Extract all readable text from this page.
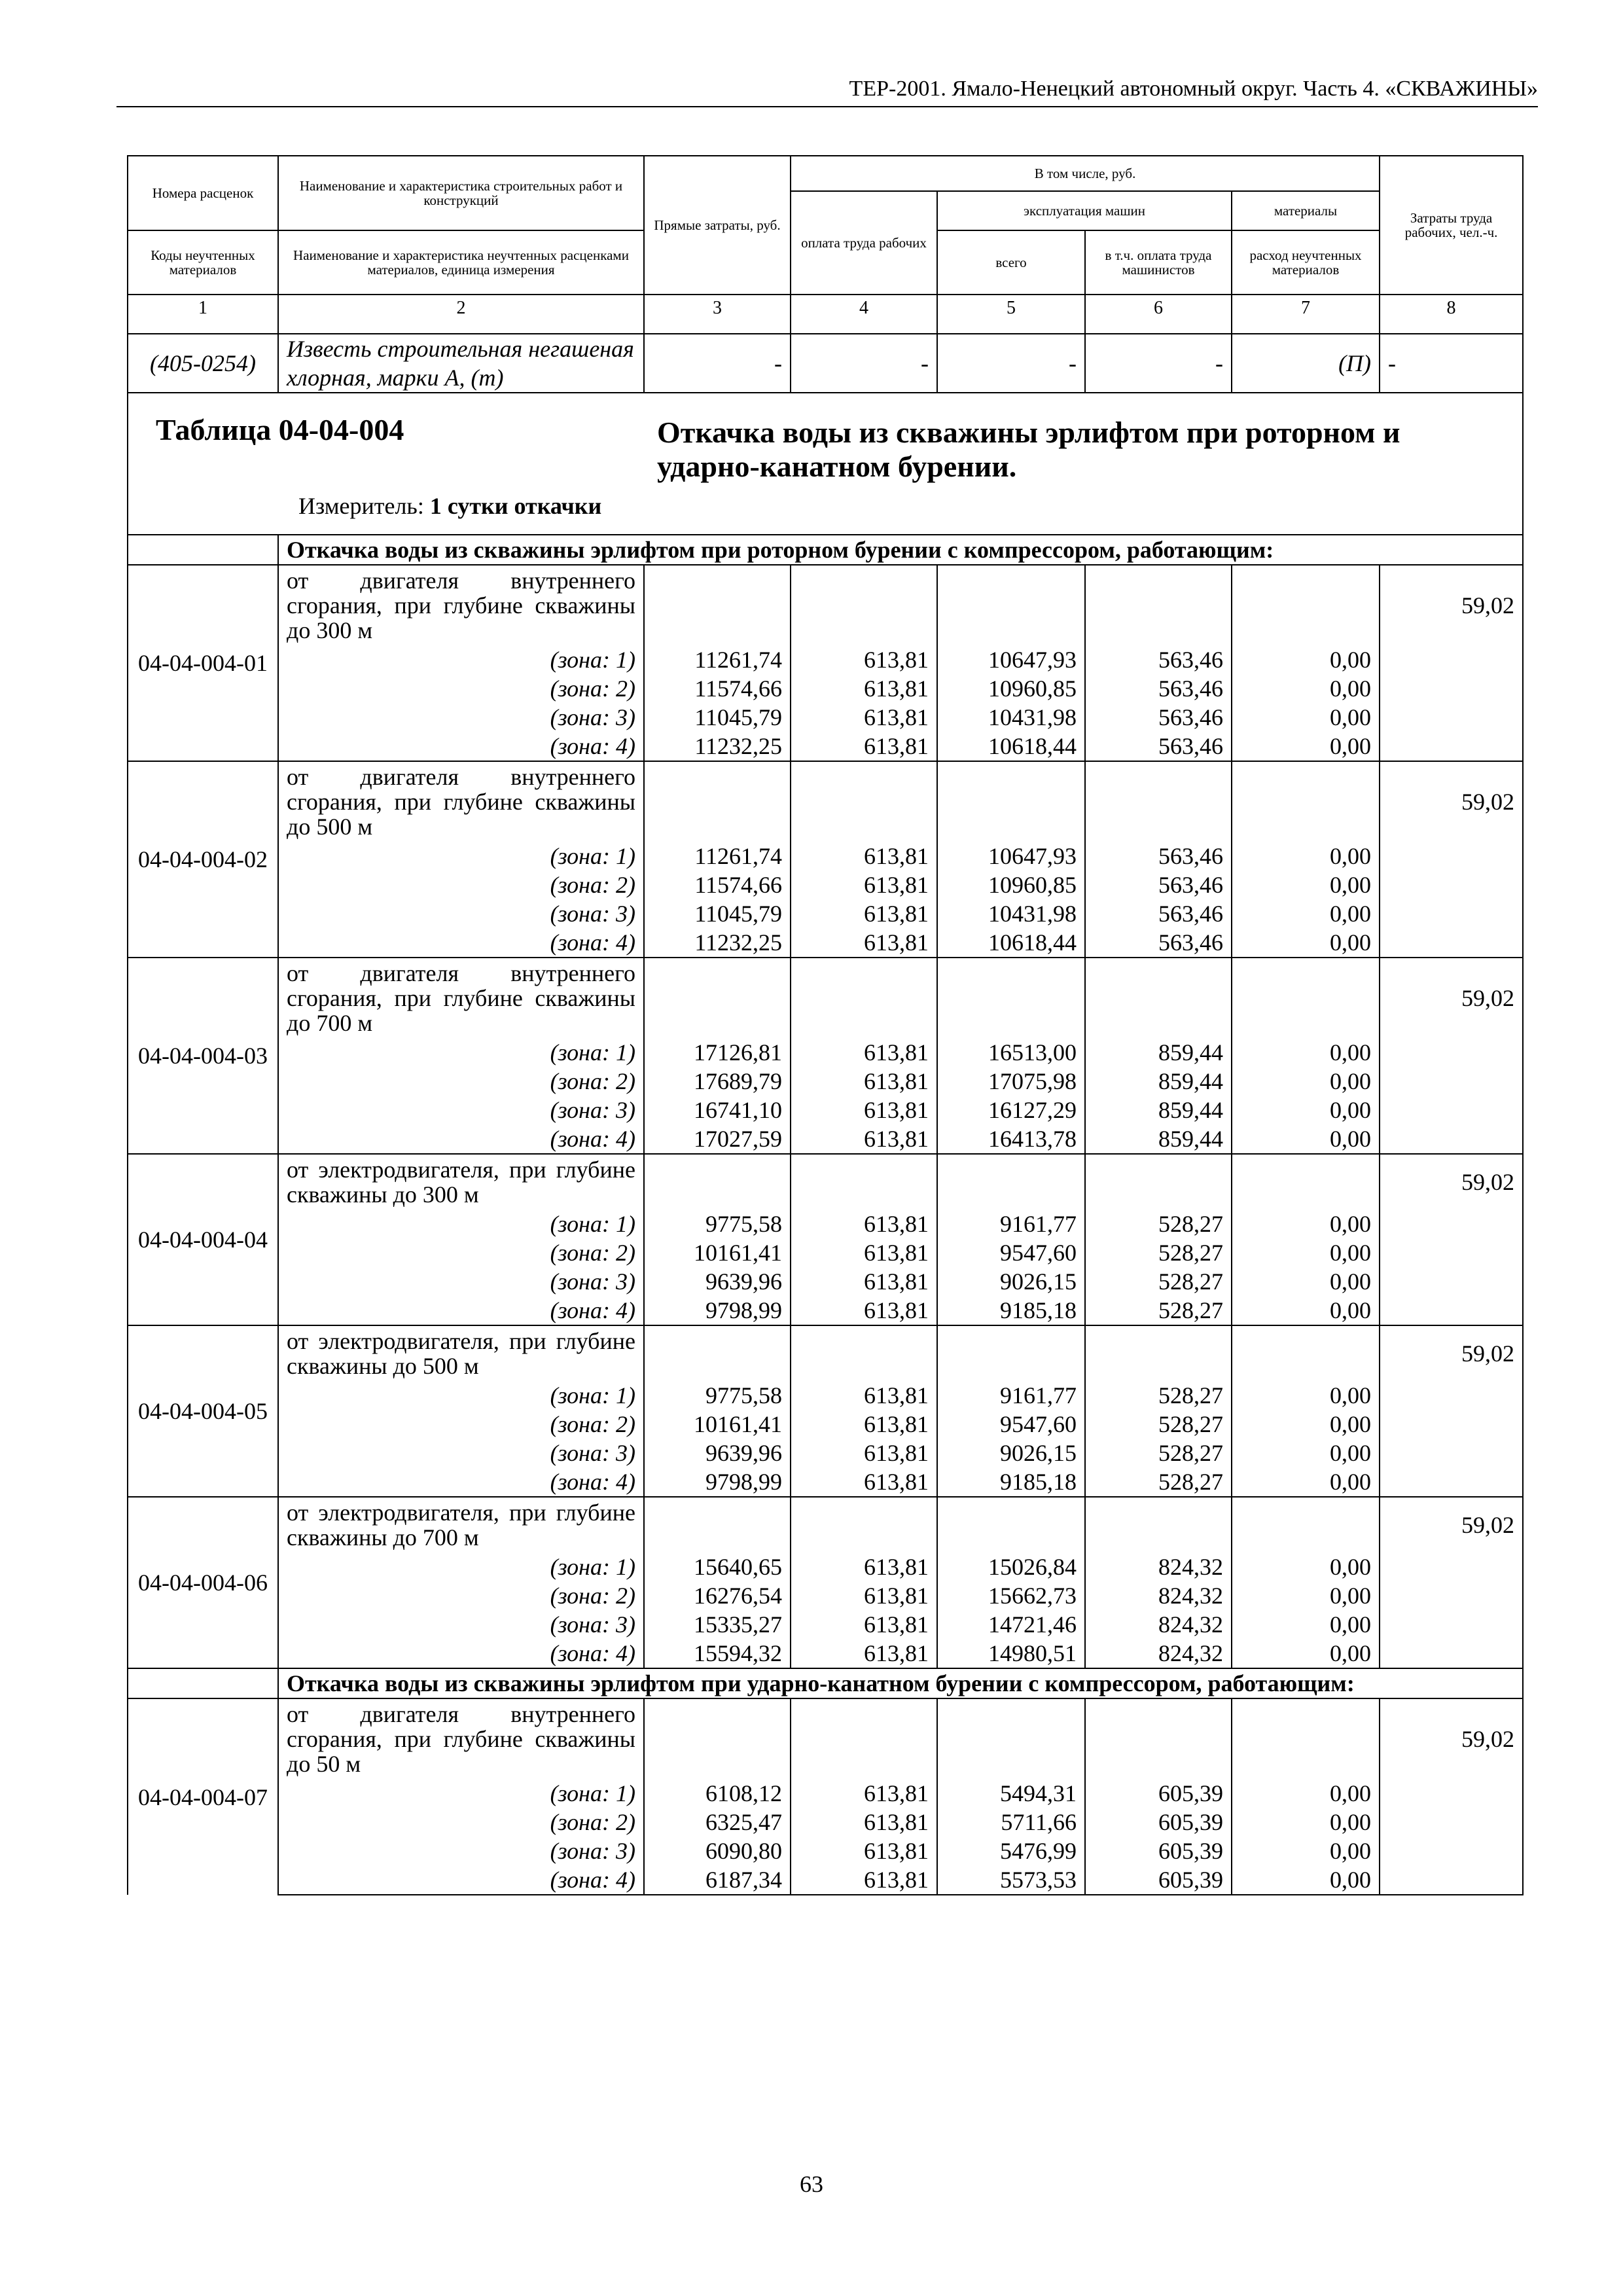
ТЕР-2001. Ямало-Ненецкий автономный округ. Часть 4. «СКВАЖИНЫ»
Номера расценок	Наименование и характеристика строительных работ и конструкций	Прямые затраты, руб.	В том числе, руб.				Затраты труда рабочих, чел.-ч.
			оплата труда рабочих	эксплуатация машин		материалы	
Коды неучтенных материалов	Наименование и характеристика неучтенных расценками материалов, единица измерения			всего	в т.ч. оплата труда машинистов	расход неучтенных материалов	
1	2	3	4	5	6	7	8
(405-0254)	Известь строительная негашеная хлорная, марки А, (т)	-	-	-	-	(П)	-

Таблица 04-04-004 Откачка воды из скважины эрлифтом при роторном и ударно-канатном бурении.
Измеритель: 1 сутки откачки							

	Откачка воды из скважины эрлифтом при роторном бурении с компрессором, работающим:						
04-04-004-01	от двигателя внутреннего сгорания, при глубине скважины до 300 м						59,02
	(зона: 1)	11261,74	613,81	10647,93	563,46	0,00	
	(зона: 2)	11574,66	613,81	10960,85	563,46	0,00	
	(зона: 3)	11045,79	613,81	10431,98	563,46	0,00	
	(зона: 4)	11232,25	613,81	10618,44	563,46	0,00	
04-04-004-02	от двигателя внутреннего сгорания, при глубине скважины до 500 м						59,02
	(зона: 1)	11261,74	613,81	10647,93	563,46	0,00	
	(зона: 2)	11574,66	613,81	10960,85	563,46	0,00	
	(зона: 3)	11045,79	613,81	10431,98	563,46	0,00	
	(зона: 4)	11232,25	613,81	10618,44	563,46	0,00	
04-04-004-03	от двигателя внутреннего сгорания, при глубине скважины до 700 м						59,02
	(зона: 1)	17126,81	613,81	16513,00	859,44	0,00	
	(зона: 2)	17689,79	613,81	17075,98	859,44	0,00	
	(зона: 3)	16741,10	613,81	16127,29	859,44	0,00	
	(зона: 4)	17027,59	613,81	16413,78	859,44	0,00	
04-04-004-04	от электродвигателя, при глубине скважины до 300 м						59,02
	(зона: 1)	9775,58	613,81	9161,77	528,27	0,00	
	(зона: 2)	10161,41	613,81	9547,60	528,27	0,00	
	(зона: 3)	9639,96	613,81	9026,15	528,27	0,00	
	(зона: 4)	9798,99	613,81	9185,18	528,27	0,00	
04-04-004-05	от электродвигателя, при глубине скважины до 500 м						59,02
	(зона: 1)	9775,58	613,81	9161,77	528,27	0,00	
	(зона: 2)	10161,41	613,81	9547,60	528,27	0,00	
	(зона: 3)	9639,96	613,81	9026,15	528,27	0,00	
	(зона: 4)	9798,99	613,81	9185,18	528,27	0,00	
04-04-004-06	от электродвигателя, при глубине скважины до 700 м						59,02
	(зона: 1)	15640,65	613,81	15026,84	824,32	0,00	
	(зона: 2)	16276,54	613,81	15662,73	824,32	0,00	
	(зона: 3)	15335,27	613,81	14721,46	824,32	0,00	
	(зона: 4)	15594,32	613,81	14980,51	824,32	0,00	
	Откачка воды из скважины эрлифтом при ударно-канатном бурении с компрессором, работающим:						
04-04-004-07	от двигателя внутреннего сгорания, при глубине скважины до 50 м						59,02
	(зона: 1)	6108,12	613,81	5494,31	605,39	0,00	
	(зона: 2)	6325,47	613,81	5711,66	605,39	0,00	
	(зона: 3)	6090,80	613,81	5476,99	605,39	0,00	
	(зона: 4)	6187,34	613,81	5573,53	605,39	0,00	
63
